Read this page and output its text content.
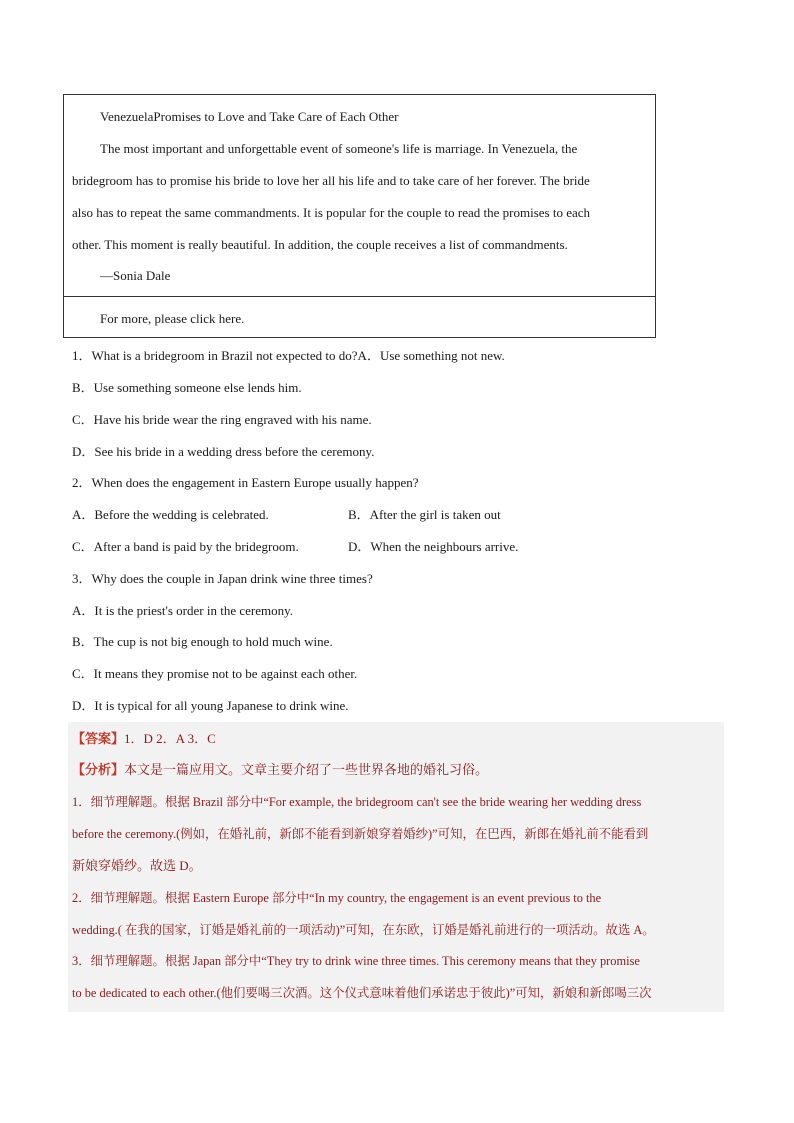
VenezuelaPromises to Love and Take Care of Each Other
The most important and unforgettable event of someone's life is marriage. In Venezuela, the
bridegroom has to promise his bride to love her all his life and to take care of her forever. The bride
also has to repeat the same commandments. It is popular for the couple to read the promises to each
other. This moment is really beautiful. In addition, the couple receives a list of commandments.
—Sonia Dale
For more, please click here.
1．What is a bridegroom in Brazil not expected to do?A．Use something not new.
B．Use something someone else lends him.
C．Have his bride wear the ring engraved with his name.
D．See his bride in a wedding dress before the ceremony.
2．When does the engagement in Eastern Europe usually happen?
A．Before the wedding is celebrated.	B．After the girl is taken out
C．After a band is paid by the bridegroom.	D．When the neighbours arrive.
3．Why does the couple in Japan drink wine three times?
A．It is the priest's order in the ceremony.
B．The cup is not big enough to hold much wine.
C．It means they promise not to be against each other.
D．It is typical for all young Japanese to drink wine.
【答案】1．D 2．A 3．C
【分析】本文是一篇应用文。文章主要介绍了一些世界各地的婚礼习俗。
1．细节理解题。根据 Brazil 部分中“For example, the bridegroom can't see the bride wearing her wedding dress
before the ceremony.(例如，在婚礼前，新郎不能看到新娘穿着婚纱)”可知，在巴西，新郎在婚礼前不能看到
新娘穿婚纱。故选 D。
2．细节理解题。根据 Eastern Europe 部分中“In my country, the engagement is an event previous to the
wedding.( 在我的国家，订婚是婚礼前的一项活动)”可知，在东欧，订婚是婚礼前进行的一项活动。故选 A。
3．细节理解题。根据 Japan 部分中“They try to drink wine three times. This ceremony means that they promise
to be dedicated to each other.(他们要喝三次酒。这个仪式意味着他们承诺忠于彼此)”可知，新娘和新郎喝三次
